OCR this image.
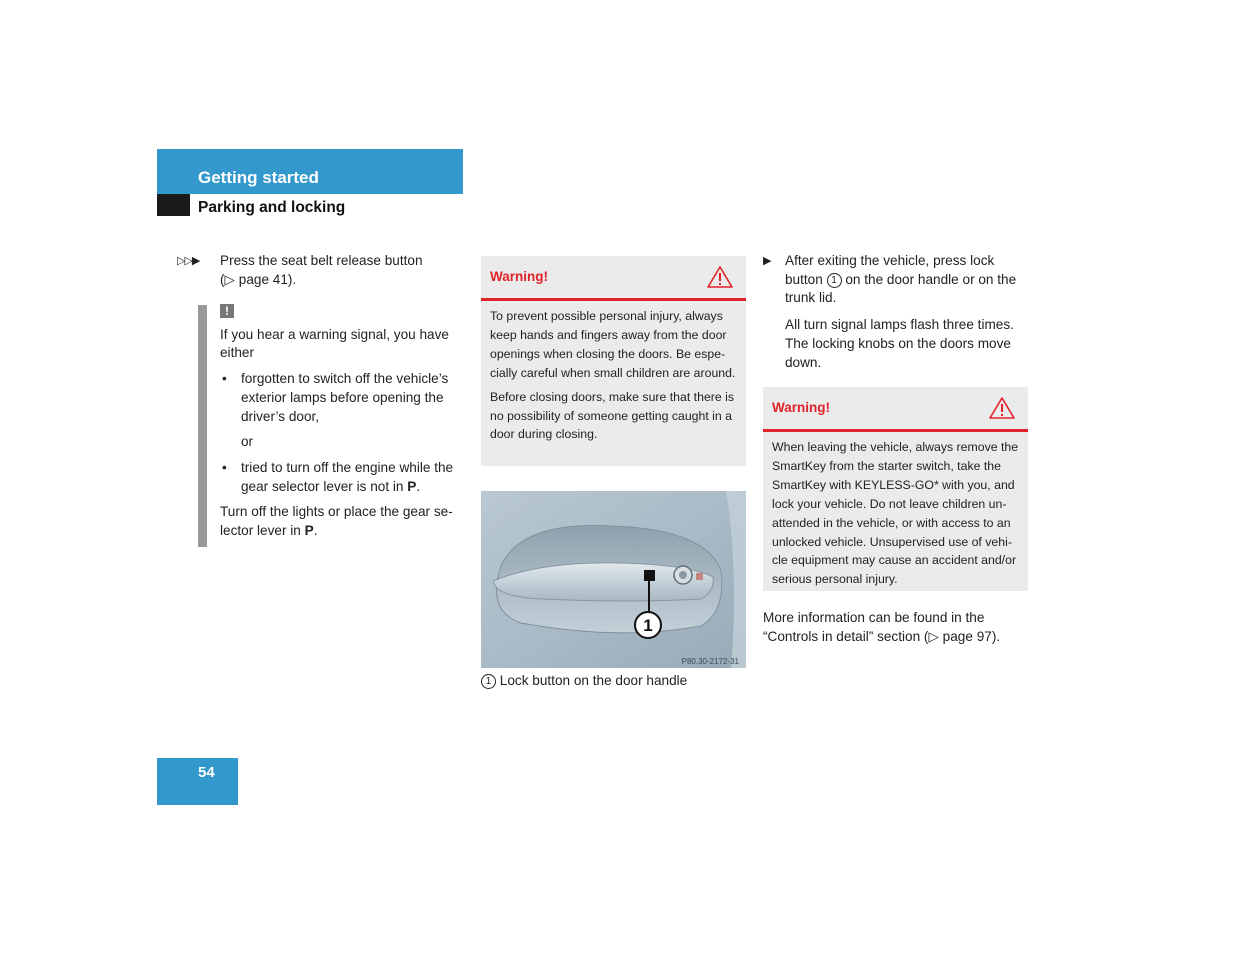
Getting started
Parking and locking
▷▷▶ Press the seat belt release button
(▷ page 41).
!

If you hear a warning signal, you have either

• forgotten to switch off the vehicle’s exterior lamps before opening the driver’s door,

or

• tried to turn off the engine while the gear selector lever is not in P.

Turn off the lights or place the gear se-lector lever in P.

Warning!

To prevent possible personal injury, always keep hands and fingers away from the door openings when closing the doors. Be espe-cially careful when small children are around.

Before closing doors, make sure that there is no possibility of someone getting caught in a door during closing.

1
P80.30-2172-31
1 Lock button on the door handle
▶ After exiting the vehicle, press lock button 1 on the door handle or on the trunk lid.

All turn signal lamps flash three times. The locking knobs on the doors move down.

Warning!

When leaving the vehicle, always remove the SmartKey from the starter switch, take the SmartKey with KEYLESS-GO* with you, and lock your vehicle. Do not leave children un-attended in the vehicle, or with access to an unlocked vehicle. Unsupervised use of vehi-cle equipment may cause an accident and/or serious personal injury.

More information can be found in the “Controls in detail” section (▷ page 97).
54
